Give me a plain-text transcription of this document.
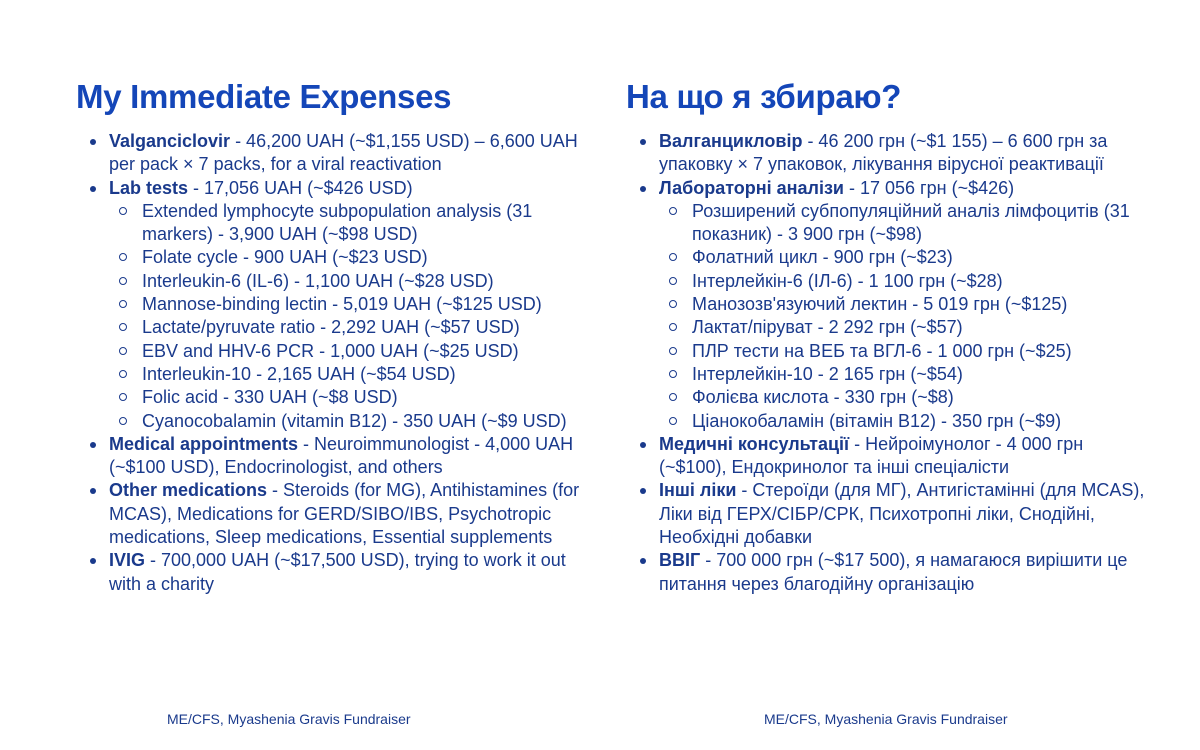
My Immediate Expenses
Valganciclovir - 46,200 UAH (~$1,155 USD) – 6,600 UAH per pack × 7 packs, for a viral reactivation
Lab tests - 17,056 UAH (~$426 USD)
Extended lymphocyte subpopulation analysis (31 markers) - 3,900 UAH (~$98 USD)
Folate cycle - 900 UAH (~$23 USD)
Interleukin-6 (IL-6) - 1,100 UAH (~$28 USD)
Mannose-binding lectin - 5,019 UAH (~$125 USD)
Lactate/pyruvate ratio - 2,292 UAH (~$57 USD)
EBV and HHV-6 PCR - 1,000 UAH (~$25 USD)
Interleukin-10 - 2,165 UAH (~$54 USD)
Folic acid - 330 UAH (~$8 USD)
Cyanocobalamin (vitamin B12) - 350 UAH (~$9 USD)
Medical appointments - Neuroimmunologist - 4,000 UAH (~$100 USD), Endocrinologist, and others
Other medications - Steroids (for MG), Antihistamines (for MCAS), Medications for GERD/SIBO/IBS, Psychotropic medications, Sleep medications, Essential supplements
IVIG - 700,000 UAH (~$17,500 USD), trying to work it out with a charity
На що я збираю?
Валганцикловір - 46 200 грн (~$1 155) – 6 600 грн за упаковку × 7 упаковок, лікування вірусної реактивації
Лабораторні аналізи - 17 056 грн (~$426)
Розширений субпопуляційний аналіз лімфоцитів (31 показник) - 3 900 грн (~$98)
Фолатний цикл - 900 грн (~$23)
Інтерлейкін-6 (ІЛ-6) - 1 100 грн (~$28)
Манозозв'язуючий лектин - 5 019 грн (~$125)
Лактат/піруват - 2 292 грн (~$57)
ПЛР тести на ВЕБ та ВГЛ-6 - 1 000 грн (~$25)
Інтерлейкін-10 - 2 165 грн (~$54)
Фолієва кислота - 330 грн (~$8)
Ціанокобаламін (вітамін B12) - 350 грн (~$9)
Медичні консультації - Нейроімунолог - 4 000 грн (~$100), Ендокринолог та інші спеціалісти
Інші ліки - Стероїди (для МГ), Антигістамінні (для MCAS), Ліки від ГЕРХ/СІБР/СРК, Психотропні ліки, Снодійні, Необхідні добавки
ВВІГ - 700 000 грн (~$17 500), я намагаюся вирішити це питання через благодійну організацію
ME/CFS, Myashenia Gravis Fundraiser	ME/CFS, Myashenia Gravis Fundraiser
